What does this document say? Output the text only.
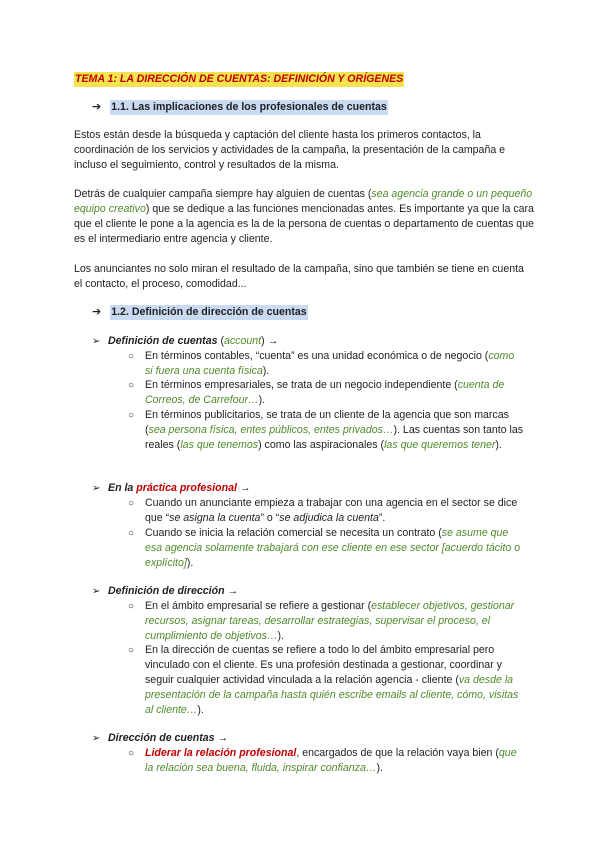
TEMA 1: LA DIRECCIÓN DE CUENTAS: DEFINICIÓN Y ORÍGENES
➔ 1.1. Las implicaciones de los profesionales de cuentas
Estos están desde la búsqueda y captación del cliente hasta los primeros contactos, la coordinación de los servicios y actividades de la campaña, la presentación de la campaña e incluso el seguimiento, control y resultados de la misma.
Detrás de cualquier campaña siempre hay alguien de cuentas (sea agencia grande o un pequeño equipo creativo) que se dedique a las funciones mencionadas antes. Es importante ya que la cara que el cliente le pone a la agencia es la de la persona de cuentas o departamento de cuentas que es el intermediario entre agencia y cliente.
Los anunciantes no solo miran el resultado de la campaña, sino que también se tiene en cuenta el contacto, el proceso, comodidad...
➔ 1.2. Definición de dirección de cuentas
➢ Definición de cuentas (account) →
○	En términos contables, “cuenta” es una unidad económica o de negocio (como si fuera una cuenta física).
○	En términos empresariales, se trata de un negocio independiente (cuenta de Correos, de Carrefour…).
○	En términos publicitarios, se trata de un cliente de la agencia que son marcas (sea persona física, entes públicos, entes privados…). Las cuentas son tanto las reales (las que tenemos) como las aspiracionales (las que queremos tener).
➢ En la práctica profesional →
○	Cuando un anunciante empieza a trabajar con una agencia en el sector se dice que “se asigna la cuenta” o “se adjudica la cuenta”.
○	Cuando se inicia la relación comercial se necesita un contrato (se asume que esa agencia solamente trabajará con ese cliente en ese sector [acuerdo tácito o explícito]).
➢ Definición de dirección →
○	En el ámbito empresarial se refiere a gestionar (establecer objetivos, gestionar recursos, asignar tareas, desarrollar estrategias, supervisar el proceso, el cumplimiento de objetivos…).
○	En la dirección de cuentas se refiere a todo lo del ámbito empresarial pero vinculado con el cliente. Es una profesión destinada a gestionar, coordinar y seguir cualquier actividad vinculada a la relación agencia - cliente (va desde la presentación de la campaña hasta quién escribe emails al cliente, cómo, visitas al cliente…).
➢ Dirección de cuentas →
○	Liderar la relación profesional, encargados de que la relación vaya bien (que la relación sea buena, fluida, inspirar confianza…).
